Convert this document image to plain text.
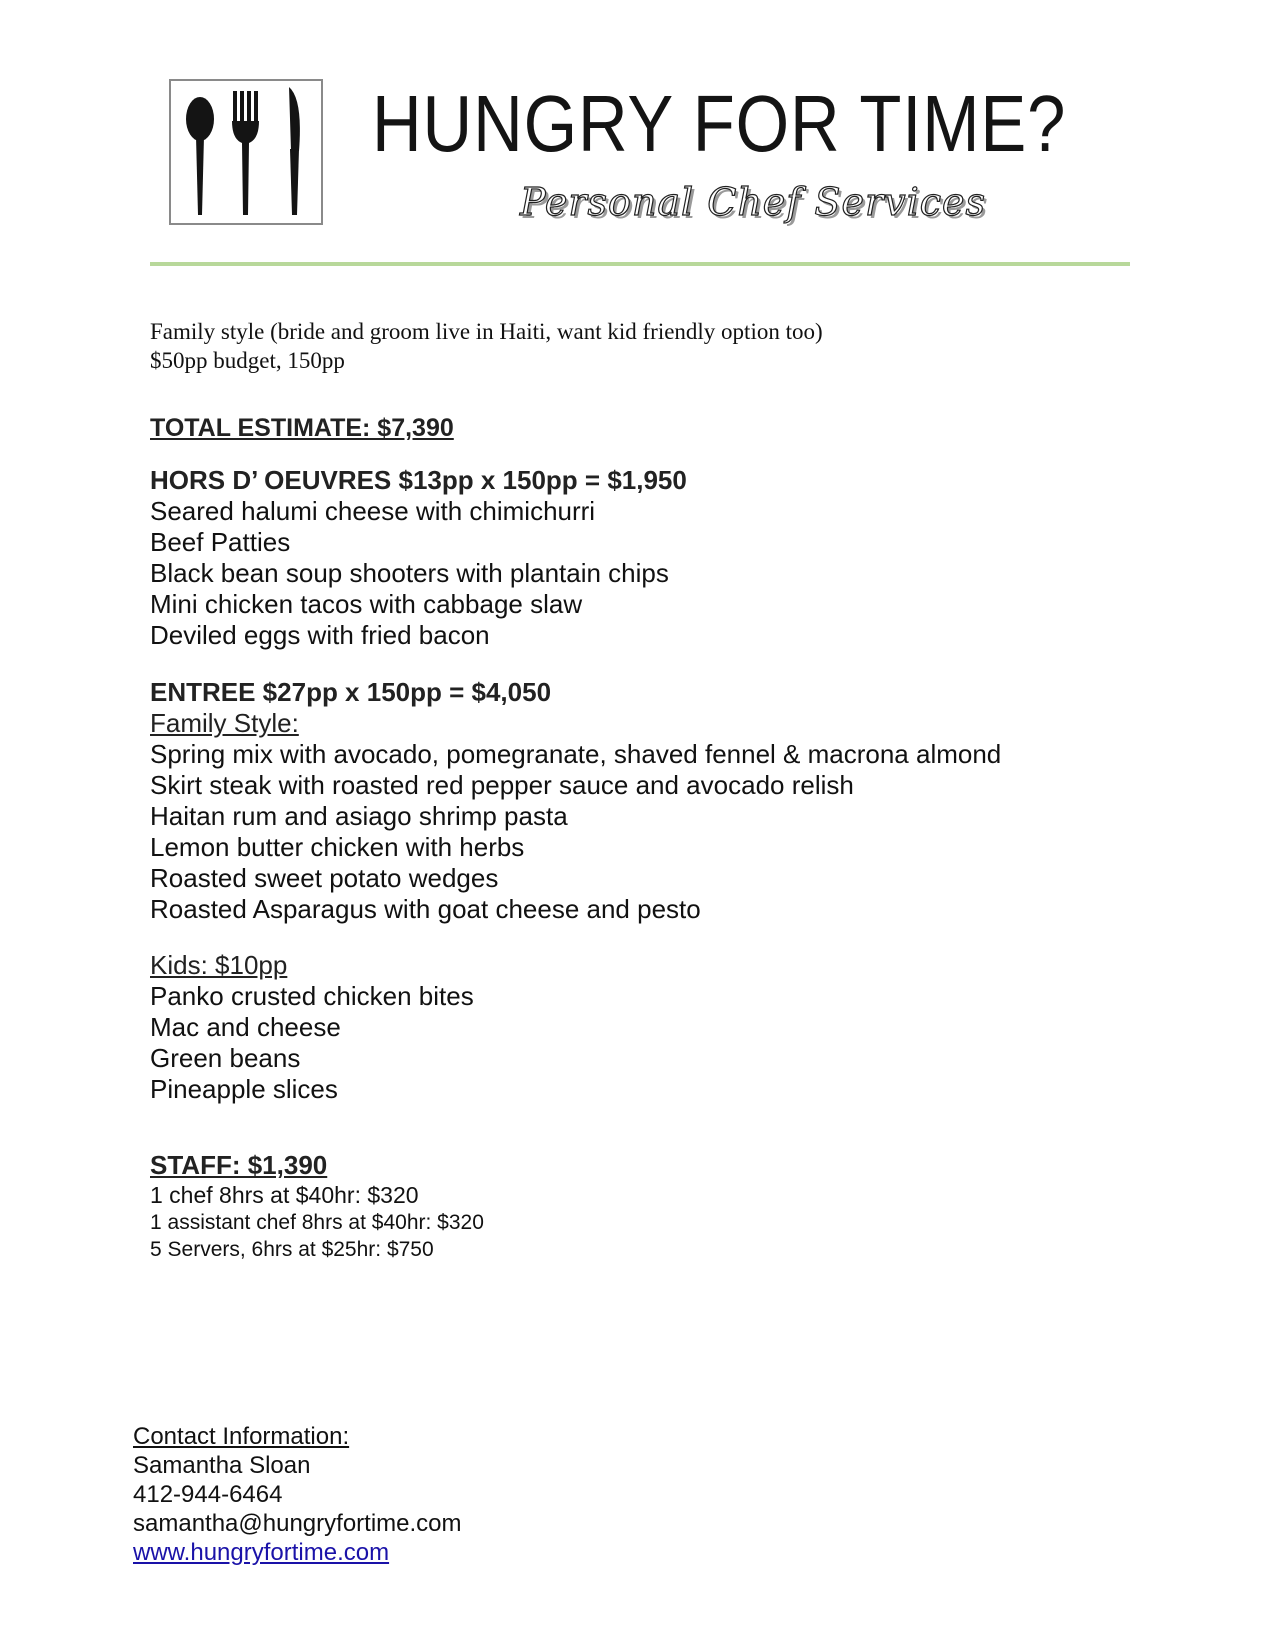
HUNGRY FOR TIME?
Personal Chef Services

Family style (bride and groom live in Haiti, want kid friendly option too)

$50pp budget, 150pp

TOTAL ESTIMATE: $7,390

HORS D’ OEUVRES $13pp x 150pp = $1,950
Seared halumi cheese with chimichurri
Beef Patties
Black bean soup shooters with plantain chips
Mini chicken tacos with cabbage slaw
Deviled eggs with fried bacon
ENTREE $27pp x 150pp = $4,050

Family Style:

Spring mix with avocado, pomegranate, shaved fennel & macrona almond
Skirt steak with roasted red pepper sauce and avocado relish
Haitan rum and asiago shrimp pasta
Lemon butter chicken with herbs
Roasted sweet potato wedges
Roasted Asparagus with goat cheese and pesto

Kids: $10pp

Panko crusted chicken bites
Mac and cheese
Green beans
Pineapple slices
STAFF: $1,390
1 chef 8hrs at $40hr: $320
1 assistant chef 8hrs at $40hr: $320
5 Servers, 6hrs at $25hr: $750

Contact Information:

Samantha Sloan

412-944-6464

samantha@hungryfortime.com

www.hungryfortime.com
